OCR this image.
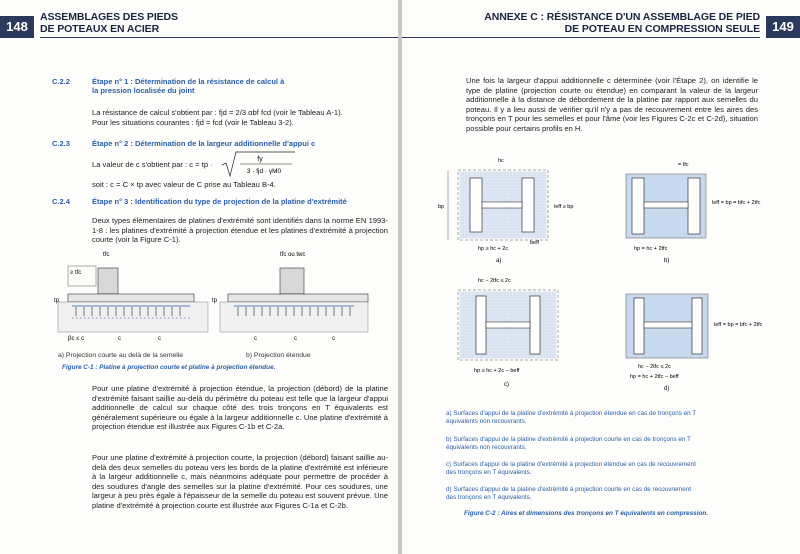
148
ASSEMBLAGES DES PIEDS
DE POTEAUX EN ACIER
C.2.2	Étape n° 1 : Détermination de la résistance de calcul à la pression localisée du joint
La résistance de calcul s'obtient par : fjd = 2/3 αbf fcd (voir le Tableau A-1).
Pour les situations courantes : fjd = fcd (voir le Tableau 3-2).
C.2.3	Étape n° 2 : Détermination de la largeur additionnelle d'appui c
La valeur de c s'obtient par : c = tp ·
fy
3 · fjd · γM0
soit : c = C × tp avec valeur de C prise au Tableau B-4.
C.2.4	Étape n° 3 : Identification du type de projection de la platine d'extrémité
Deux types élémentaires de platines d'extrémité sont identifiés dans la norme EN 1993-1-8 : les platines d'extrémité à projection étendue et les platines d'extrémité à projection courte (voir la Figure C-1).
tfc
≥ tfc
tp
βc ≤ c	c	c
tfc ou twc
tp
c	c	c
a) Projection courte au delà de la semelle	b) Projection étendue
Figure C-1 : Platine à projection courte et platine à projection étendue.
Pour une platine d'extrémité à projection étendue, la projection (débord) de la platine d'extrémité faisant saillie au-delà du périmètre du poteau est telle que la largeur d'appui additionnelle de calcul sur chaque côté des trois tronçons en T équivalents est généralement supérieure ou égale à la largeur additionnelle c. Une platine d'extrémité à projection étendue est illustrée aux Figures C-1b et C-2a.
Pour une platine d'extrémité à projection courte, la projection (débord) faisant saillie au-delà des deux semelles du poteau vers les bords de la platine d'extrémité est inférieure à la largeur additionnelle c, mais néanmoins adéquate pour permettre de procéder à des soudures d'angle des semelles sur la platine d'extrémité. Pour ces soudures, une largeur à peu près égale à l'épaisseur de la semelle du poteau est souvent prévue. Une platine d'extrémité à projection courte est illustrée aux Figures C-1a et C-2b.
ANNEXE C : RÉSISTANCE D'UN ASSEMBLAGE DE PIED
DE POTEAU EN COMPRESSION SEULE 149
Une fois la largeur d'appui additionnelle c déterminée (voir l'Étape 2), on identifie le type de platine (projection courte ou étendue) en comparant la valeur de la largeur additionnelle à la distance de débordement de la platine par rapport aux semelles du poteau. Il y a lieu aussi de vérifier qu'il n'y a pas de recouvrement entre les aires des tronçons en T pour les semelles et pour l'âme (voir les Figures C-2c et C-2d), situation possible pour certains profils en H.
bp	leff ≥ bp
hp ≥ hc + 2c
hc
beff
a)
= tfc
leff = bp = bfc + 2tfc
hp = hc + 2tfc
b)
hc − 2tfc ≤ 2c
hp ≥ hc + 2c − beff
c)
leff = bp = bfc + 2tfc
hc − 2tfc ≤ 2c
hp = hc + 2tfc − beff
d)
a) Surfaces d'appui de la platine d'extrémité à projection étendue en cas de tronçons en T équivalents non recouvrants.
b) Surfaces d'appui de la platine d'extrémité à projection courte en cas de tronçons en T équivalents non recouvrants.
c) Surfaces d'appui de la platine d'extrémité à projection étendue en cas de recouvrement des tronçons en T équivalents.
d) Surfaces d'appui de la platine d'extrémité à projection courte en cas de recouvrement des tronçons en T équivalents.
Figure C-2 : Aires et dimensions des tronçons en T équivalents en compression.
